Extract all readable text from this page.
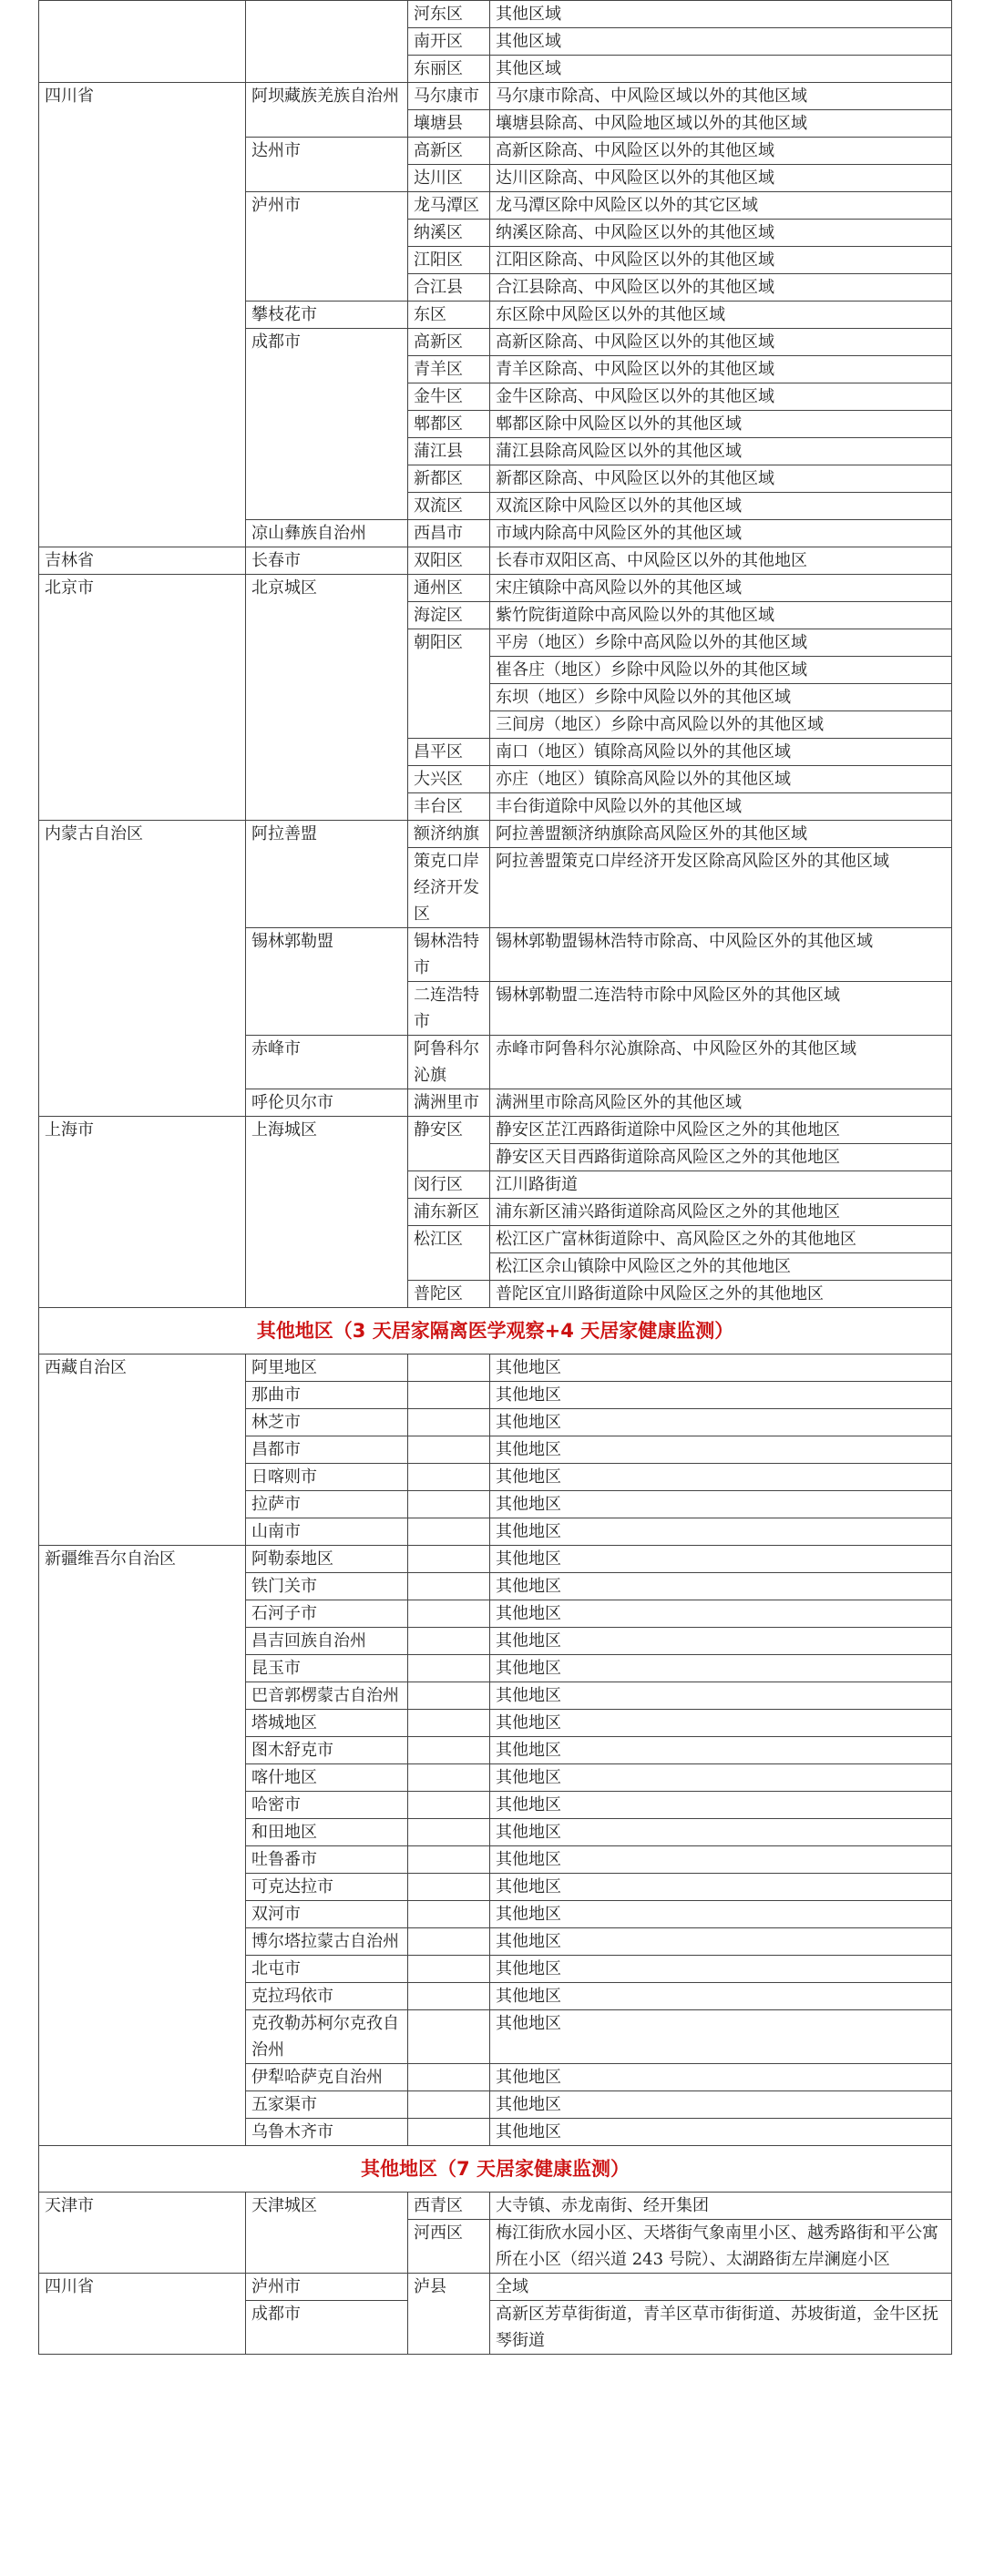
		河东区	其他区域
		南开区	其他区域
		东丽区	其他区域
四川省	阿坝藏族羌族自治州	马尔康市	马尔康市除高、中风险区域以外的其他区域
		壤塘县	壤塘县除高、中风险地区域以外的其他区域
	达州市	高新区	高新区除高、中风险区以外的其他区域
		达川区	达川区除高、中风险区以外的其他区域
	泸州市	龙马潭区	龙马潭区除中风险区以外的其它区域
		纳溪区	纳溪区除高、中风险区以外的其他区域
		江阳区	江阳区除高、中风险区以外的其他区域
		合江县	合江县除高、中风险区以外的其他区域
	攀枝花市	东区	东区除中风险区以外的其他区域
	成都市	高新区	高新区除高、中风险区以外的其他区域
		青羊区	青羊区除高、中风险区以外的其他区域
		金牛区	金牛区除高、中风险区以外的其他区域
		郫都区	郫都区除中风险区以外的其他区域
		蒲江县	蒲江县除高风险区以外的其他区域
		新都区	新都区除高、中风险区以外的其他区域
		双流区	双流区除中风险区以外的其他区域
	凉山彝族自治州	西昌市	市域内除高中风险区外的其他区域
吉林省	长春市	双阳区	长春市双阳区高、中风险区以外的其他地区
北京市	北京城区	通州区	宋庄镇除中高风险以外的其他区域
		海淀区	紫竹院街道除中高风险以外的其他区域
		朝阳区	平房（地区）乡除中高风险以外的其他区域
			崔各庄（地区）乡除中风险以外的其他区域
			东坝（地区）乡除中风险以外的其他区域
			三间房（地区）乡除中高风险以外的其他区域
		昌平区	南口（地区）镇除高风险以外的其他区域
		大兴区	亦庄（地区）镇除高风险以外的其他区域
		丰台区	丰台街道除中风险以外的其他区域
内蒙古自治区	阿拉善盟	额济纳旗	阿拉善盟额济纳旗除高风险区外的其他区域
		策克口岸经济开发区	阿拉善盟策克口岸经济开发区除高风险区外的其他区域
	锡林郭勒盟	锡林浩特市	锡林郭勒盟锡林浩特市除高、中风险区外的其他区域
		二连浩特市	锡林郭勒盟二连浩特市除中风险区外的其他区域
	赤峰市	阿鲁科尔沁旗	赤峰市阿鲁科尔沁旗除高、中风险区外的其他区域
	呼伦贝尔市	满洲里市	满洲里市除高风险区外的其他区域
上海市	上海城区	静安区	静安区芷江西路街道除中风险区之外的其他地区
			静安区天目西路街道除高风险区之外的其他地区
		闵行区	江川路街道
		浦东新区	浦东新区浦兴路街道除高风险区之外的其他地区
		松江区	松江区广富林街道除中、高风险区之外的其他地区
			松江区佘山镇除中风险区之外的其他地区
		普陀区	普陀区宜川路街道除中风险区之外的其他地区
其他地区（3 天居家隔离医学观察+4 天居家健康监测）			
西藏自治区	阿里地区		其他地区
	那曲市		其他地区
	林芝市		其他地区
	昌都市		其他地区
	日喀则市		其他地区
	拉萨市		其他地区
	山南市		其他地区
新疆维吾尔自治区	阿勒泰地区		其他地区
	铁门关市		其他地区
	石河子市		其他地区
	昌吉回族自治州		其他地区
	昆玉市		其他地区
	巴音郭楞蒙古自治州		其他地区
	塔城地区		其他地区
	图木舒克市		其他地区
	喀什地区		其他地区
	哈密市		其他地区
	和田地区		其他地区
	吐鲁番市		其他地区
	可克达拉市		其他地区
	双河市		其他地区
	博尔塔拉蒙古自治州		其他地区
	北屯市		其他地区
	克拉玛依市		其他地区
	克孜勒苏柯尔克孜自治州		其他地区
	伊犁哈萨克自治州		其他地区
	五家渠市		其他地区
	乌鲁木齐市		其他地区
其他地区（7 天居家健康监测）			
天津市	天津城区	西青区	大寺镇、赤龙南街、经开集团
		河西区	梅江街欣水园小区、天塔街气象南里小区、越秀路街和平公寓所在小区（绍兴道 243 号院）、太湖路街左岸澜庭小区
四川省	泸州市	泸县	全域
	成都市		高新区芳草街街道，青羊区草市街街道、苏坡街道，金牛区抚琴街道
